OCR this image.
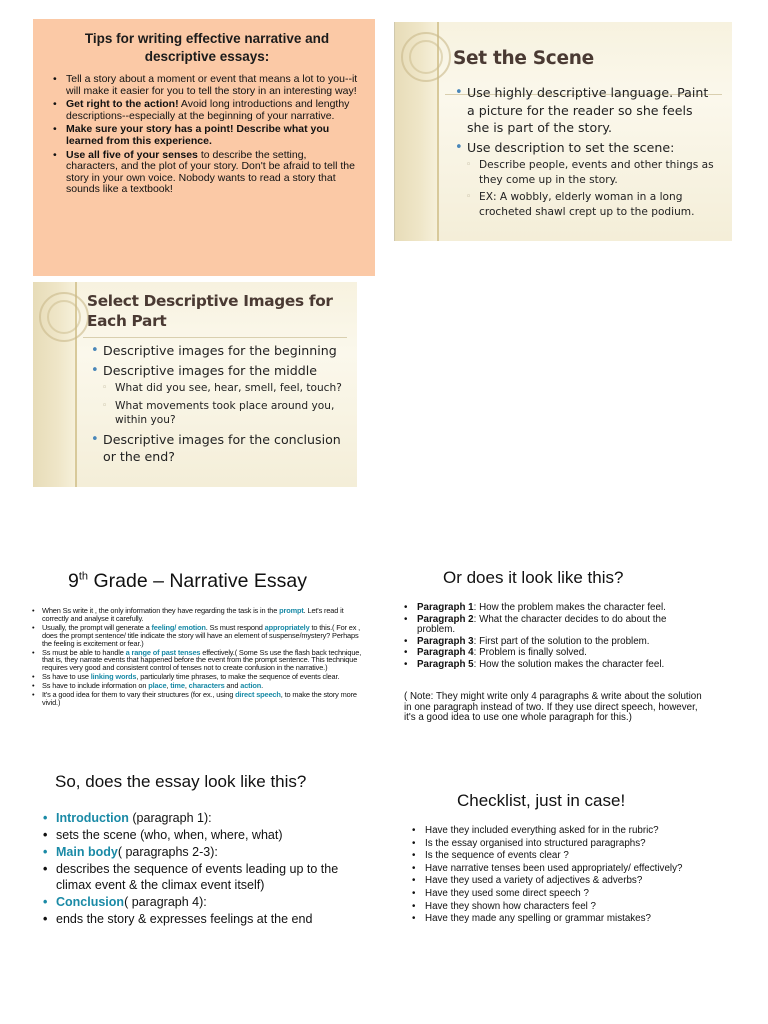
Tips for writing effective narrative and descriptive essays:
• Tell a story about a moment or event that means a lot to you--it will make it easier for you to tell the story in an interesting way!
• Get right to the action! Avoid long introductions and lengthy descriptions--especially at the beginning of your narrative.
• Make sure your story has a point! Describe what you learned from this experience.
• Use all five of your senses to describe the setting, characters, and the plot of your story. Don't be afraid to tell the story in your own voice. Nobody wants to read a story that sounds like a textbook!
Set the Scene
• Use highly descriptive language. Paint a picture for the reader so she feels she is part of the story.
• Use description to set the scene:
◦ Describe people, events and other things as they come up in the story.
◦ EX: A wobbly, elderly woman in a long crocheted shawl crept up to the podium.
Select Descriptive Images for Each Part
• Descriptive images for the beginning
• Descriptive images for the middle
◦ What did you see, hear, smell, feel, touch?
◦ What movements took place around you, within you?
• Descriptive images for the conclusion or the end?
9th Grade – Narrative Essay
• When Ss write it , the only information they have regarding the task is in the prompt. Let's read it correctly and analyse it carefully.
• Usually, the prompt will generate a feeling/ emotion. Ss must respond appropriately to this.( For ex , does the prompt sentence/ title indicate the story will have an element of suspense/mystery? Perhaps the feeling is excitement or fear.)
• Ss must be able to handle a range of past tenses effectively.( Some Ss use the flash back technique, that is, they narrate events that happened before the event from the prompt sentence. This technique requires very good and consistent control of tenses not to create confusion in the narrative.)
• Ss have to use linking words, particularly time phrases, to make the sequence of events clear.
• Ss have to include information on place, time, characters and action.
• It's a good idea for them to vary their structures (for ex., using direct speech, to make the story more vivid.)
Or does it look like this?
• Paragraph 1: How the problem makes the character feel.
• Paragraph 2: What the character decides to do about the problem.
• Paragraph 3: First part of the solution to the problem.
• Paragraph 4: Problem is finally solved.
• Paragraph 5: How the solution makes the character feel.
( Note: They might write only 4 paragraphs & write about the solution in one paragraph instead of two. If they use direct speech, however, it's a good idea to use one whole paragraph for this.)
So, does the essay look like this?
• Introduction (paragraph 1):
• sets the scene (who, when, where, what)
• Main body( paragraphs 2-3):
• describes the sequence of events leading up to the climax event & the climax event itself)
• Conclusion( paragraph 4):
• ends the story & expresses feelings at the end
Checklist, just in case!
• Have they included everything asked for in the rubric?
• Is the essay organised into structured paragraphs?
• Is the sequence of events clear ?
• Have narrative tenses been used appropriately/ effectively?
• Have they used a variety of adjectives & adverbs?
• Have they used some direct speech ?
• Have they shown how characters feel ?
• Have they made any spelling or grammar mistakes?
